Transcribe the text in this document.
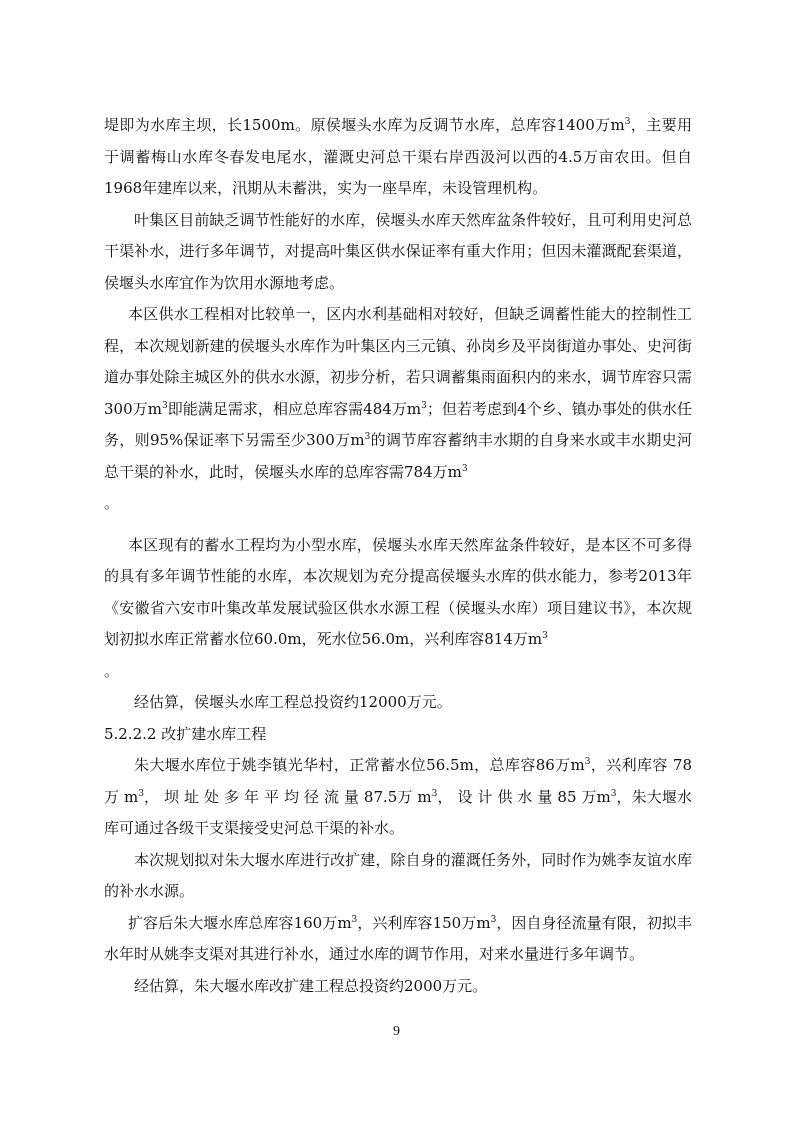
堤即为水库主坝，长1500m。原侯堰头水库为反调节水库，总库容1400万$m^3$，主要用于调蓄梅山水库冬春发电尾水，灌溉史河总干渠右岸西汲河以西的4.5万亩农田。但自1968年建库以来，汛期从未蓄洪，实为一座旱库，未设管理机构。

叶集区目前缺乏调节性能好的水库，侯堰头水库天然库盆条件较好，且可利用史河总干渠补水，进行多年调节，对提高叶集区供水保证率有重大作用；但因未灌溉配套渠道，侯堰头水库宜作为饮用水源地考虑。

本区供水工程相对比较单一，区内水利基础相对较好，但缺乏调蓄性能大的控制性工程，本次规划新建的侯堰头水库作为叶集区内三元镇、孙岗乡及平岗街道办事处、史河街道办事处除主城区外的供水水源，初步分析，若只调蓄集雨面积内的来水，调节库容只需300万$m^3$即能满足需求，相应总库容需484万$m^3$；但若考虑到4个乡、镇办事处的供水任务，则95%保证率下另需至少300万$m^3$的调节库容蓄纳丰水期的自身来水或丰水期史河总干渠的补水，此时，侯堰头水库的总库容需784万$m^3$
。

本区现有的蓄水工程均为小型水库，侯堰头水库天然库盆条件较好，是本区不可多得的具有多年调节性能的水库，本次规划为充分提高侯堰头水库的供水能力，参考2013年《安徽省六安市叶集改革发展试验区供水水源工程（侯堰头水库）项目建议书》，本次规划初拟水库正常蓄水位60.0m，死水位56.0m，兴利库容814万$m^3$
。

经估算，侯堰头水库工程总投资约12000万元。

5.2.2.2 改扩建水库工程

朱大堰水库位于姚李镇光华村，正常蓄水位56.5m，总库容86万$m^3$，兴利库容 78万 $m^3$， 坝 址 处 多 年 平 均 径 流 量 87.5万 $m^3$， 设 计 供 水 量 85 万$m^3$，朱大堰水库可通过各级干支渠接受史河总干渠的补水。

本次规划拟对朱大堰水库进行改扩建，除自身的灌溉任务外，同时作为姚李友谊水库的补水水源。

扩容后朱大堰水库总库容160万$m^3$，兴利库容150万$m^3$，因自身径流量有限，初拟丰水年时从姚李支渠对其进行补水，通过水库的调节作用，对来水量进行多年调节。

经估算，朱大堰水库改扩建工程总投资约2000万元。

9
